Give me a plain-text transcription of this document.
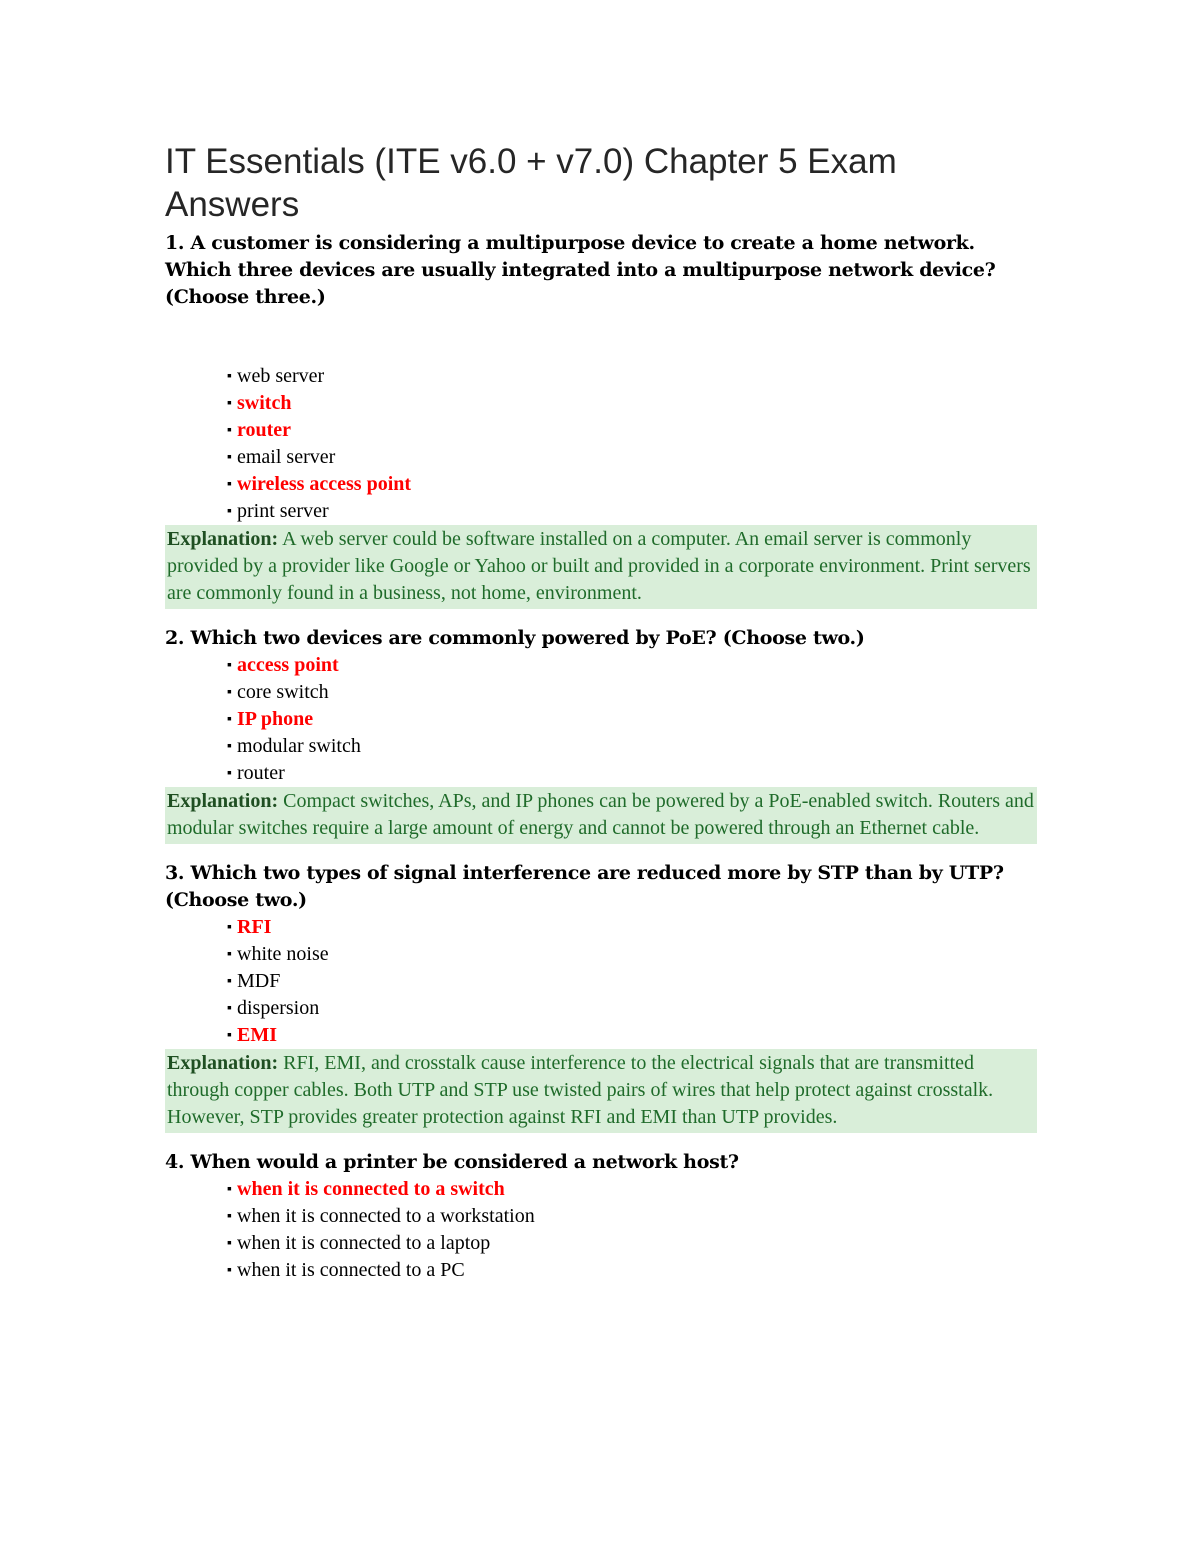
IT Essentials (ITE v6.0 + v7.0) Chapter 5 Exam Answers

1. A customer is considering a multipurpose device to create a home network. Which three devices are usually integrated into a multipurpose network device? (Choose three.)

▪ web server
▪ switch
▪ router
▪ email server
▪ wireless access point
▪ print server

Explanation: A web server could be software installed on a computer. An email server is commonly provided by a provider like Google or Yahoo or built and provided in a corporate environment. Print servers are commonly found in a business, not home, environment.

2. Which two devices are commonly powered by PoE? (Choose two.)

▪ access point
▪ core switch
▪ IP phone
▪ modular switch
▪ router

Explanation: Compact switches, APs, and IP phones can be powered by a PoE-enabled switch. Routers and modular switches require a large amount of energy and cannot be powered through an Ethernet cable.

3. Which two types of signal interference are reduced more by STP than by UTP? (Choose two.)

▪ RFI
▪ white noise
▪ MDF
▪ dispersion
▪ EMI

Explanation: RFI, EMI, and crosstalk cause interference to the electrical signals that are transmitted through copper cables. Both UTP and STP use twisted pairs of wires that help protect against crosstalk. However, STP provides greater protection against RFI and EMI than UTP provides.

4. When would a printer be considered a network host?

▪ when it is connected to a switch
▪ when it is connected to a workstation
▪ when it is connected to a laptop
▪ when it is connected to a PC
